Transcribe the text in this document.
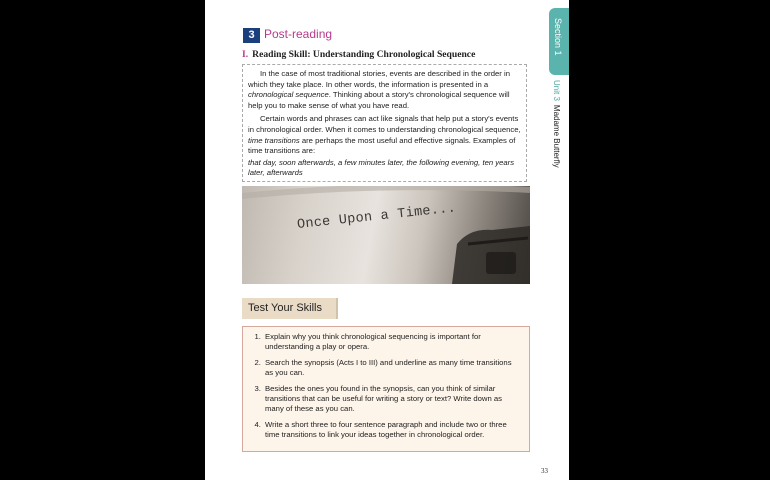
3 Post-reading
I. Reading Skill: Understanding Chronological Sequence

In the case of most traditional stories, events are described in the order in which they take place. In other words, the information is presented in a chronological sequence. Thinking about a story's chronological sequence will help you to make sense of what you have read.

Certain words and phrases can act like signals that help put a story's events in chronological order. When it comes to understanding chronological sequence, time transitions are perhaps the most useful and effective signals. Examples of time transitions are:

that day, soon afterwards, a few minutes later, the following evening, ten years later, afterwards

Once Upon a Time...
Test Your Skills
1. Explain why you think chronological sequencing is important for understanding a play or opera.
2. Search the synopsis (Acts I to III) and underline as many time transitions as you can.
3. Besides the ones you found in the synopsis, can you think of similar transitions that can be useful for writing a story or text? Write down as many of these as you can.
4. Write a short three to four sentence paragraph and include two or three time transitions to link your ideas together in chronological order.
33
Section 1
Unit 3Madame Butterfly
